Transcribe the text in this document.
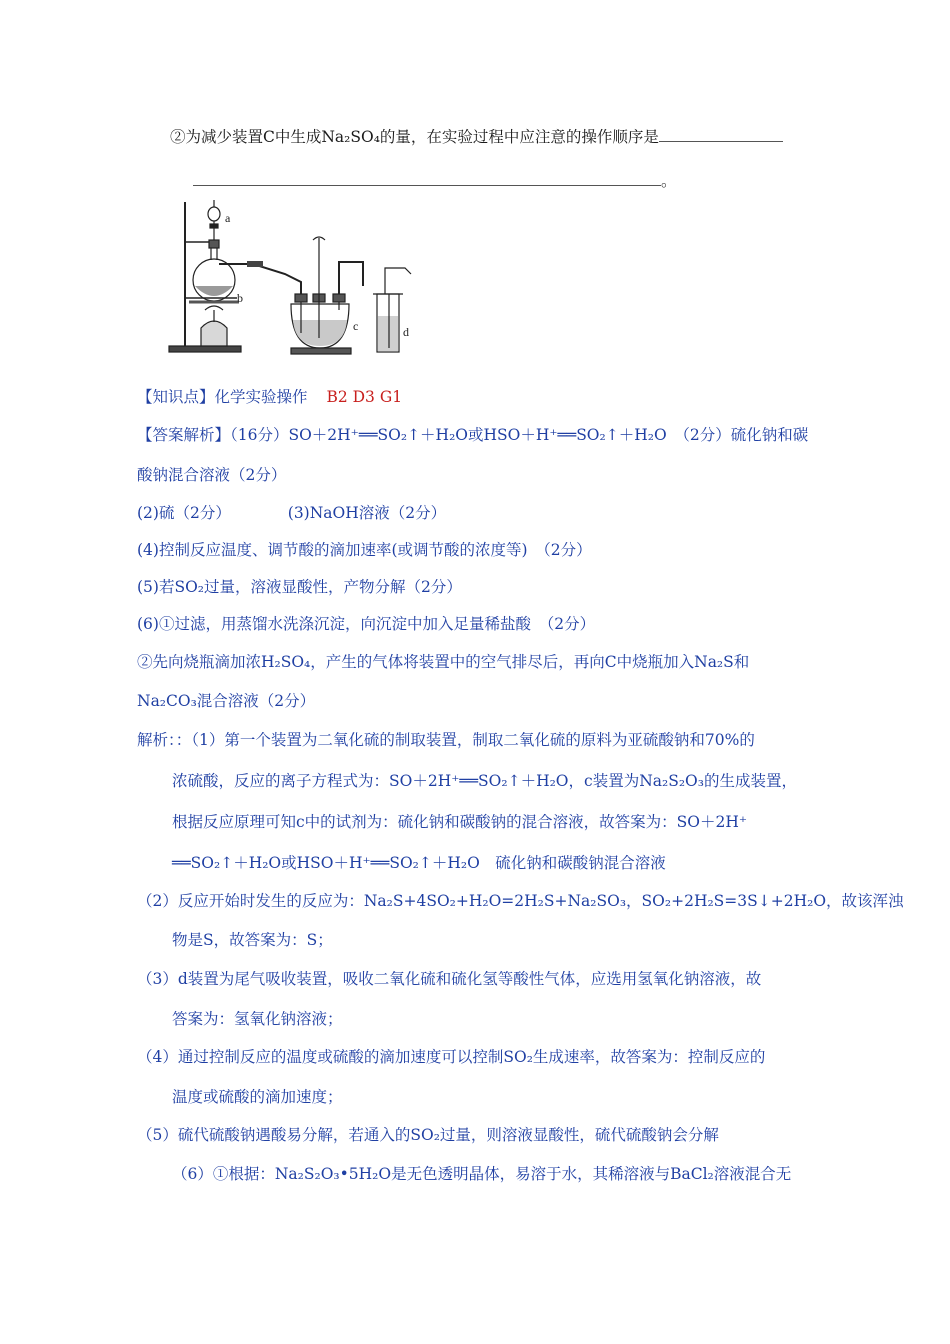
②为减少装置C中生成Na₂SO₄的量，在实验过程中应注意的操作顺序是
。
a
b
c	d
【知识点】化学实验操作 B2 D3 G1
【答案解析】（16分）SO＋2H⁺══SO₂↑＋H₂O或HSO＋H⁺══SO₂↑＋H₂O　（2分）硫化钠和碳
酸钠混合溶液（2分）
(2)硫（2分）	(3)NaOH溶液（2分）
(4)控制反应温度、调节酸的滴加速率(或调节酸的浓度等)　（2分）
(5)若SO₂过量，溶液显酸性，产物分解（2分）
(6)①过滤，用蒸馏水洗涤沉淀，向沉淀中加入足量稀盐酸　（2分）
②先向烧瓶滴加浓H₂SO₄，产生的气体将装置中的空气排尽后，再向C中烧瓶加入Na₂S和
Na₂CO₃混合溶液（2分）
解析：：（1）第一个装置为二氧化硫的制取装置，制取二氧化硫的原料为亚硫酸钠和70%的
浓硫酸，反应的离子方程式为：SO＋2H⁺══SO₂↑＋H₂O，c装置为Na₂S₂O₃的生成装置，
根据反应原理可知c中的试剂为：硫化钠和碳酸钠的混合溶液，故答案为：SO＋2H⁺
══SO₂↑＋H₂O或HSO＋H⁺══SO₂↑＋H₂O　硫化钠和碳酸钠混合溶液
（2）反应开始时发生的反应为：Na₂S+4SO₂+H₂O=2H₂S+Na₂SO₃，SO₂+2H₂S=3S↓+2H₂O，故该浑浊
物是S，故答案为：S；
（3）d装置为尾气吸收装置，吸收二氧化硫和硫化氢等酸性气体，应选用氢氧化钠溶液，故
答案为：氢氧化钠溶液；
（4）通过控制反应的温度或硫酸的滴加速度可以控制SO₂生成速率，故答案为：控制反应的
温度或硫酸的滴加速度；
（5）硫代硫酸钠遇酸易分解，若通入的SO₂过量，则溶液显酸性，硫代硫酸钠会分解
（6）①根据：Na₂S₂O₃•5H₂O是无色透明晶体，易溶于水，其稀溶液与BaCl₂溶液混合无
